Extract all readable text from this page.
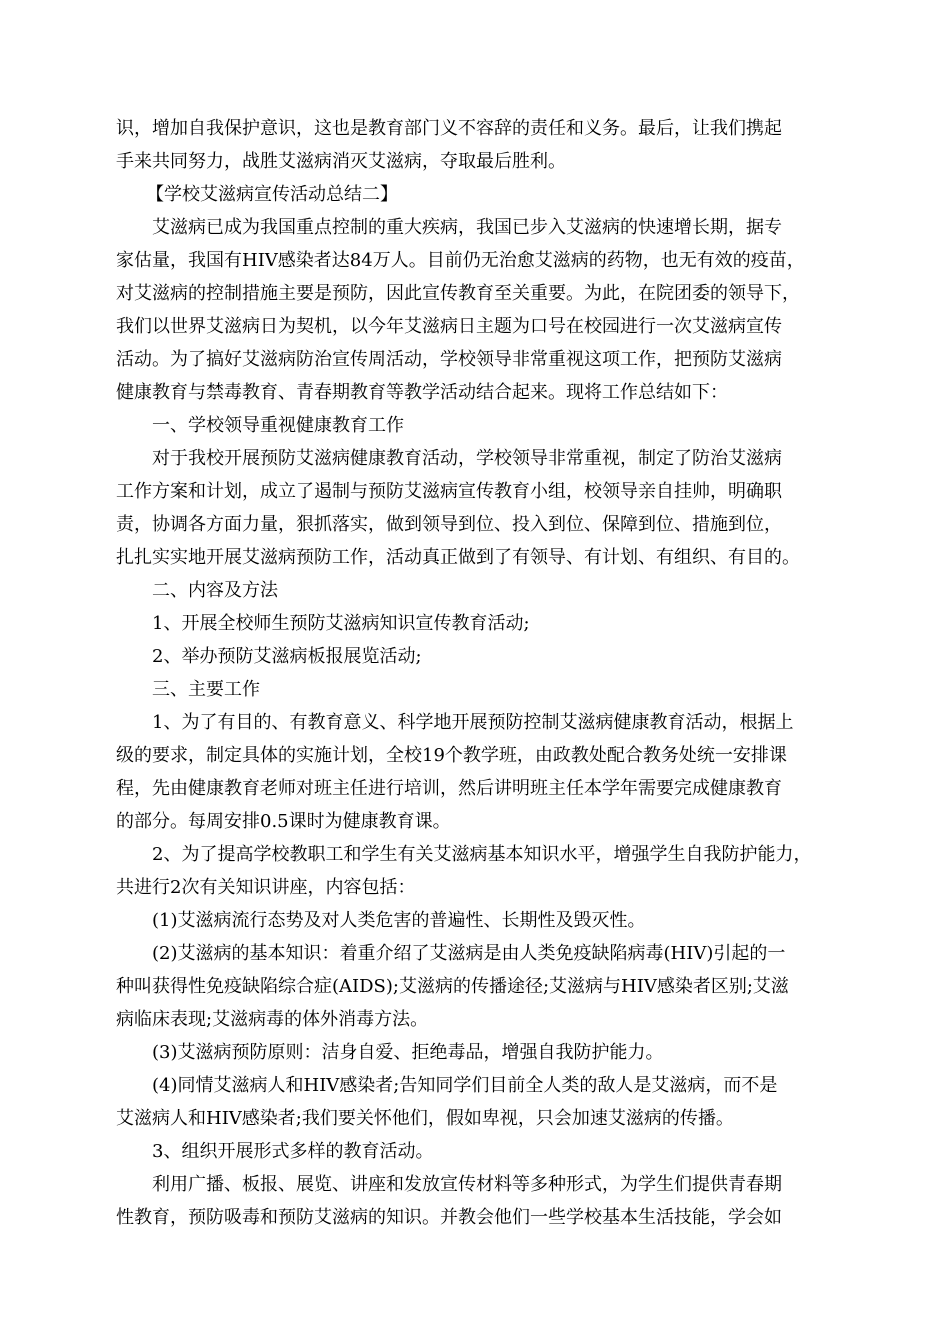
识，增加自我保护意识，这也是教育部门义不容辞的责任和义务。最后，让我们携起
手来共同努力，战胜艾滋病消灭艾滋病，夺取最后胜利。
【学校艾滋病宣传活动总结二】
艾滋病已成为我国重点控制的重大疾病，我国已步入艾滋病的快速增长期，据专
家估量，我国有HIV感染者达84万人。目前仍无治愈艾滋病的药物，也无有效的疫苗，
对艾滋病的控制措施主要是预防，因此宣传教育至关重要。为此，在院团委的领导下，
我们以世界艾滋病日为契机，以今年艾滋病日主题为口号在校园进行一次艾滋病宣传
活动。为了搞好艾滋病防治宣传周活动，学校领导非常重视这项工作，把预防艾滋病
健康教育与禁毒教育、青春期教育等教学活动结合起来。现将工作总结如下：
一、学校领导重视健康教育工作
对于我校开展预防艾滋病健康教育活动，学校领导非常重视，制定了防治艾滋病
工作方案和计划，成立了遏制与预防艾滋病宣传教育小组，校领导亲自挂帅，明确职
责，协调各方面力量，狠抓落实，做到领导到位、投入到位、保障到位、措施到位，
扎扎实实地开展艾滋病预防工作，活动真正做到了有领导、有计划、有组织、有目的。
二、内容及方法
1、开展全校师生预防艾滋病知识宣传教育活动;
2、举办预防艾滋病板报展览活动;
三、主要工作
1、为了有目的、有教育意义、科学地开展预防控制艾滋病健康教育活动，根据上
级的要求，制定具体的实施计划，全校19个教学班，由政教处配合教务处统一安排课
程，先由健康教育老师对班主任进行培训，然后讲明班主任本学年需要完成健康教育
的部分。每周安排0.5课时为健康教育课。
2、为了提高学校教职工和学生有关艾滋病基本知识水平，增强学生自我防护能力，
共进行2次有关知识讲座，内容包括：
(1)艾滋病流行态势及对人类危害的普遍性、长期性及毁灭性。
(2)艾滋病的基本知识：着重介绍了艾滋病是由人类免疫缺陷病毒(HIV)引起的一
种叫获得性免疫缺陷综合症(AIDS);艾滋病的传播途径;艾滋病与HIV感染者区别;艾滋
病临床表现;艾滋病毒的体外消毒方法。
(3)艾滋病预防原则：洁身自爱、拒绝毒品，增强自我防护能力。
(4)同情艾滋病人和HIV感染者;告知同学们目前全人类的敌人是艾滋病，而不是
艾滋病人和HIV感染者;我们要关怀他们，假如卑视，只会加速艾滋病的传播。
3、组织开展形式多样的教育活动。
利用广播、板报、展览、讲座和发放宣传材料等多种形式，为学生们提供青春期
性教育，预防吸毒和预防艾滋病的知识。并教会他们一些学校基本生活技能，学会如
